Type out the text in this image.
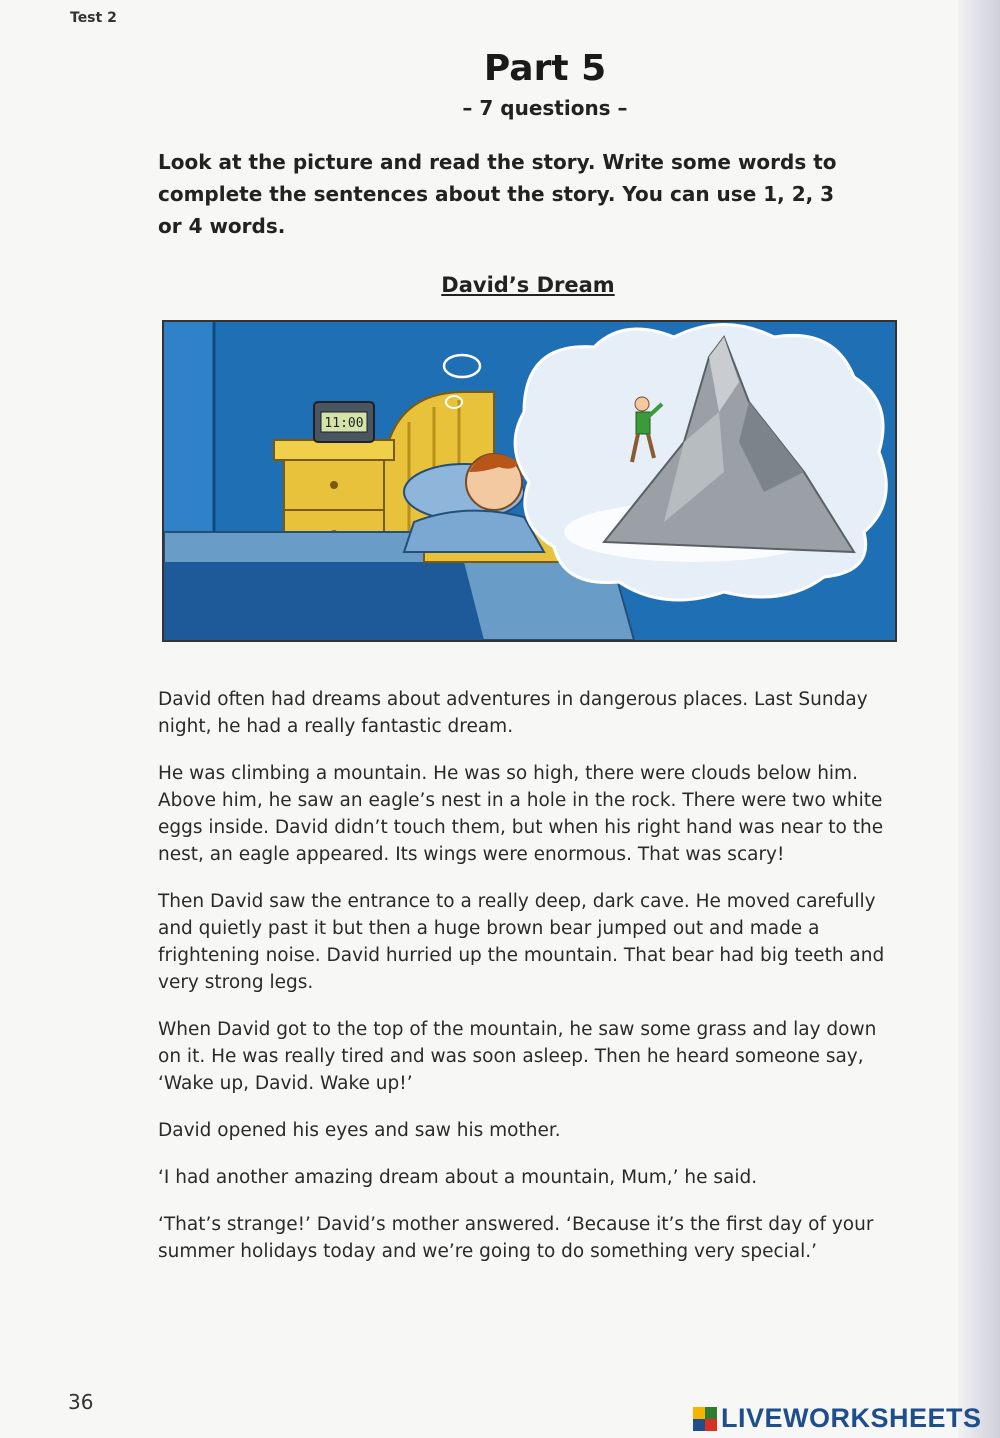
Test 2
Part 5
– 7 questions –
Look at the picture and read the story. Write some words to complete the sentences about the story. You can use 1, 2, 3 or 4 words.
David’s Dream
11:00

David often had dreams about adventures in dangerous places. Last Sunday night, he had a really fantastic dream.

He was climbing a mountain. He was so high, there were clouds below him. Above him, he saw an eagle’s nest in a hole in the rock. There were two white eggs inside. David didn’t touch them, but when his right hand was near to the nest, an eagle appeared. Its wings were enormous. That was scary!

Then David saw the entrance to a really deep, dark cave. He moved carefully and quietly past it but then a huge brown bear jumped out and made a frightening noise. David hurried up the mountain. That bear had big teeth and very strong legs.

When David got to the top of the mountain, he saw some grass and lay down on it. He was really tired and was soon asleep. Then he heard someone say, ‘Wake up, David. Wake up!’

David opened his eyes and saw his mother.

‘I had another amazing dream about a mountain, Mum,’ he said.

‘That’s strange!’ David’s mother answered. ‘Because it’s the first day of your summer holidays today and we’re going to do something very special.’

36
LIVEWORKSHEETS
